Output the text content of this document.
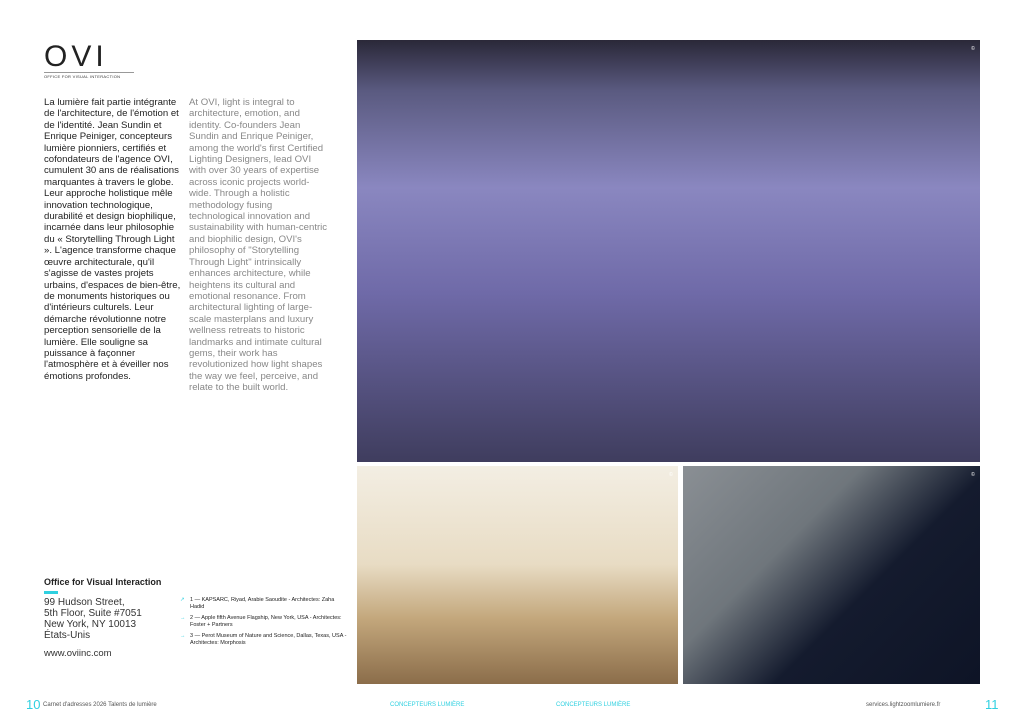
OVI
OFFICE FOR VISUAL INTERACTION

La lumière fait partie intégrante de l'architecture, de l'émotion et de l'identité. Jean Sundin et Enrique Peiniger, concepteurs lumière pionniers, certifiés et cofondateurs de l'agence OVI, cumulent 30 ans de réalisations marquantes à travers le globe. Leur approche holistique mêle innovation technologique, durabilité et design biophilique, incarnée dans leur philosophie du « Storytelling Through Light ». L'agence transforme chaque œuvre architecturale, qu'il s'agisse de vastes projets urbains, d'espaces de bien-être, de monuments historiques ou d'intérieurs culturels. Leur démarche révolutionne notre perception sensorielle de la lumière. Elle souligne sa puissance à façonner l'atmosphère et à éveiller nos émotions profondes.

At OVI, light is integral to architecture, emotion, and identity. Co-founders Jean Sundin and Enrique Peiniger, among the world's first Certified Lighting Designers, lead OVI with over 30 years of expertise across iconic projects world-wide. Through a holistic methodology fusing technological innovation and sustainability with human-centric and biophilic design, OVI's philosophy of "Storytelling Through Light" intrinsically enhances architecture, while heightens its cultural and emotional resonance. From architectural lighting of large-scale masterplans and luxury wellness retreats to historic landmarks and intimate cultural gems, their work has revolutionized how light shapes the way we feel, perceive, and relate to the built world.

©
©	©
Office for Visual Interaction
99 Hudson Street,
5th Floor, Suite #7051
New York, NY 10013
États-Unis
www.oviinc.com
↗ 1 — KAPSARC, Riyad, Arabie Saoudite - Architectes: Zaha Hadid
→ 2 — Apple fifth Avenue Flagship, New York, USA - Architectes: Foster + Partners
→ 3 — Perot Museum of Nature and Science, Dallas, Texas, USA - Architectes: Morphosis
10 Carnet d'adresses 2026 Talents de lumière	CONCEPTEURS LUMIÈRE	CONCEPTEURS LUMIÈRE	services.lightzoomlumiere.fr	11
